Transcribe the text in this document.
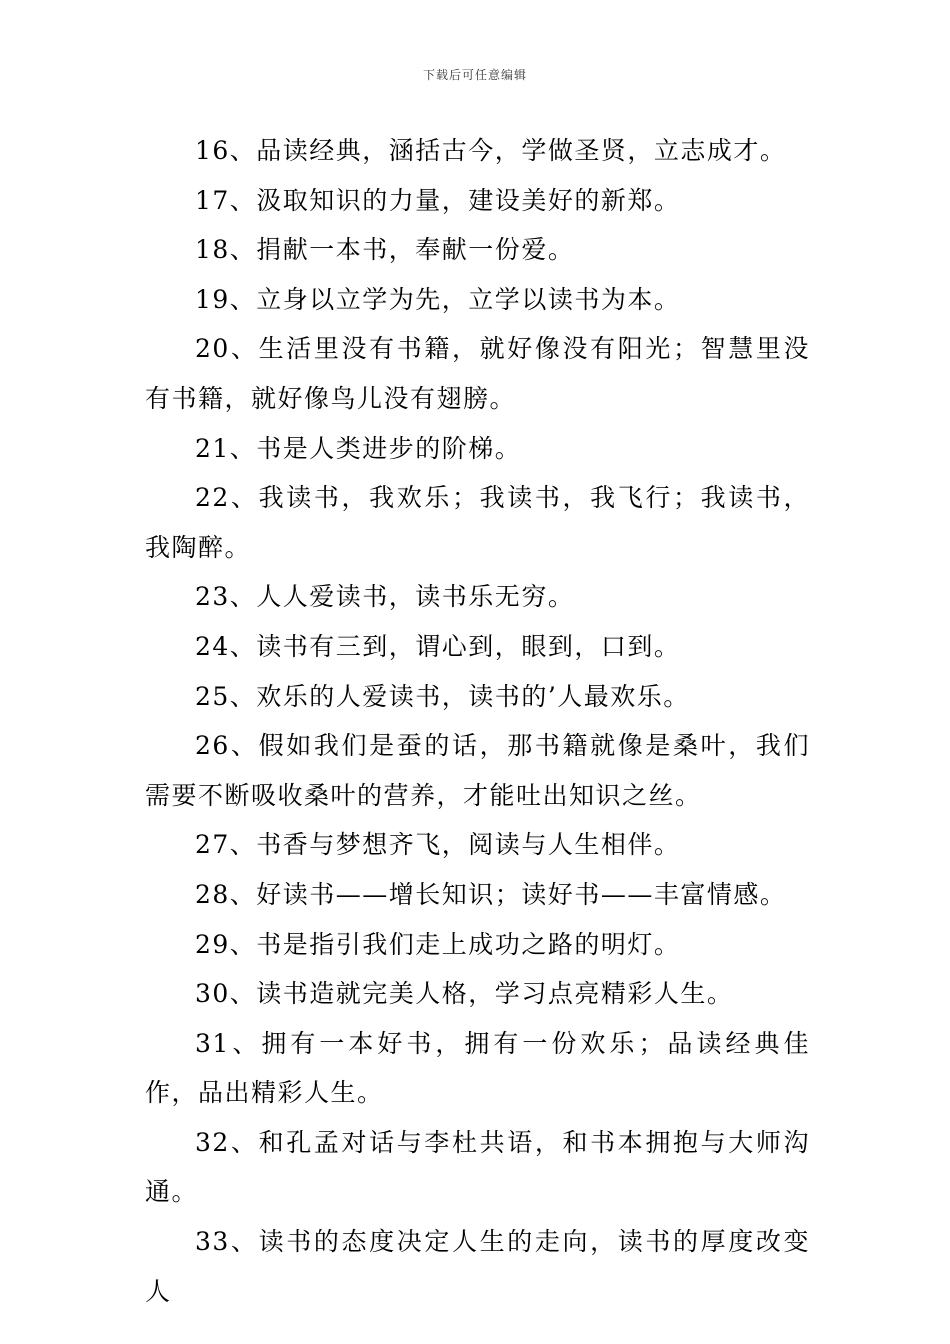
下载后可任意编辑

16、品读经典，涵括古今，学做圣贤，立志成才。

17、汲取知识的力量，建设美好的新郑。

18、捐献一本书，奉献一份爱。

19、立身以立学为先，立学以读书为本。

20、生活里没有书籍，就好像没有阳光；智慧里没有书籍，就好像鸟儿没有翅膀。

21、书是人类进步的阶梯。

22、我读书，我欢乐；我读书，我飞行；我读书，我陶醉。

23、人人爱读书，读书乐无穷。

24、读书有三到，谓心到，眼到，口到。

25、欢乐的人爱读书，读书的’人最欢乐。

26、假如我们是蚕的话，那书籍就像是桑叶，我们需要不断吸收桑叶的营养，才能吐出知识之丝。

27、书香与梦想齐飞，阅读与人生相伴。

28、好读书——增长知识；读好书——丰富情感。

29、书是指引我们走上成功之路的明灯。

30、读书造就完美人格，学习点亮精彩人生。

31、拥有一本好书，拥有一份欢乐；品读经典佳作，品出精彩人生。

32、和孔孟对话与李杜共语，和书本拥抱与大师沟通。

33、读书的态度决定人生的走向，读书的厚度改变人
